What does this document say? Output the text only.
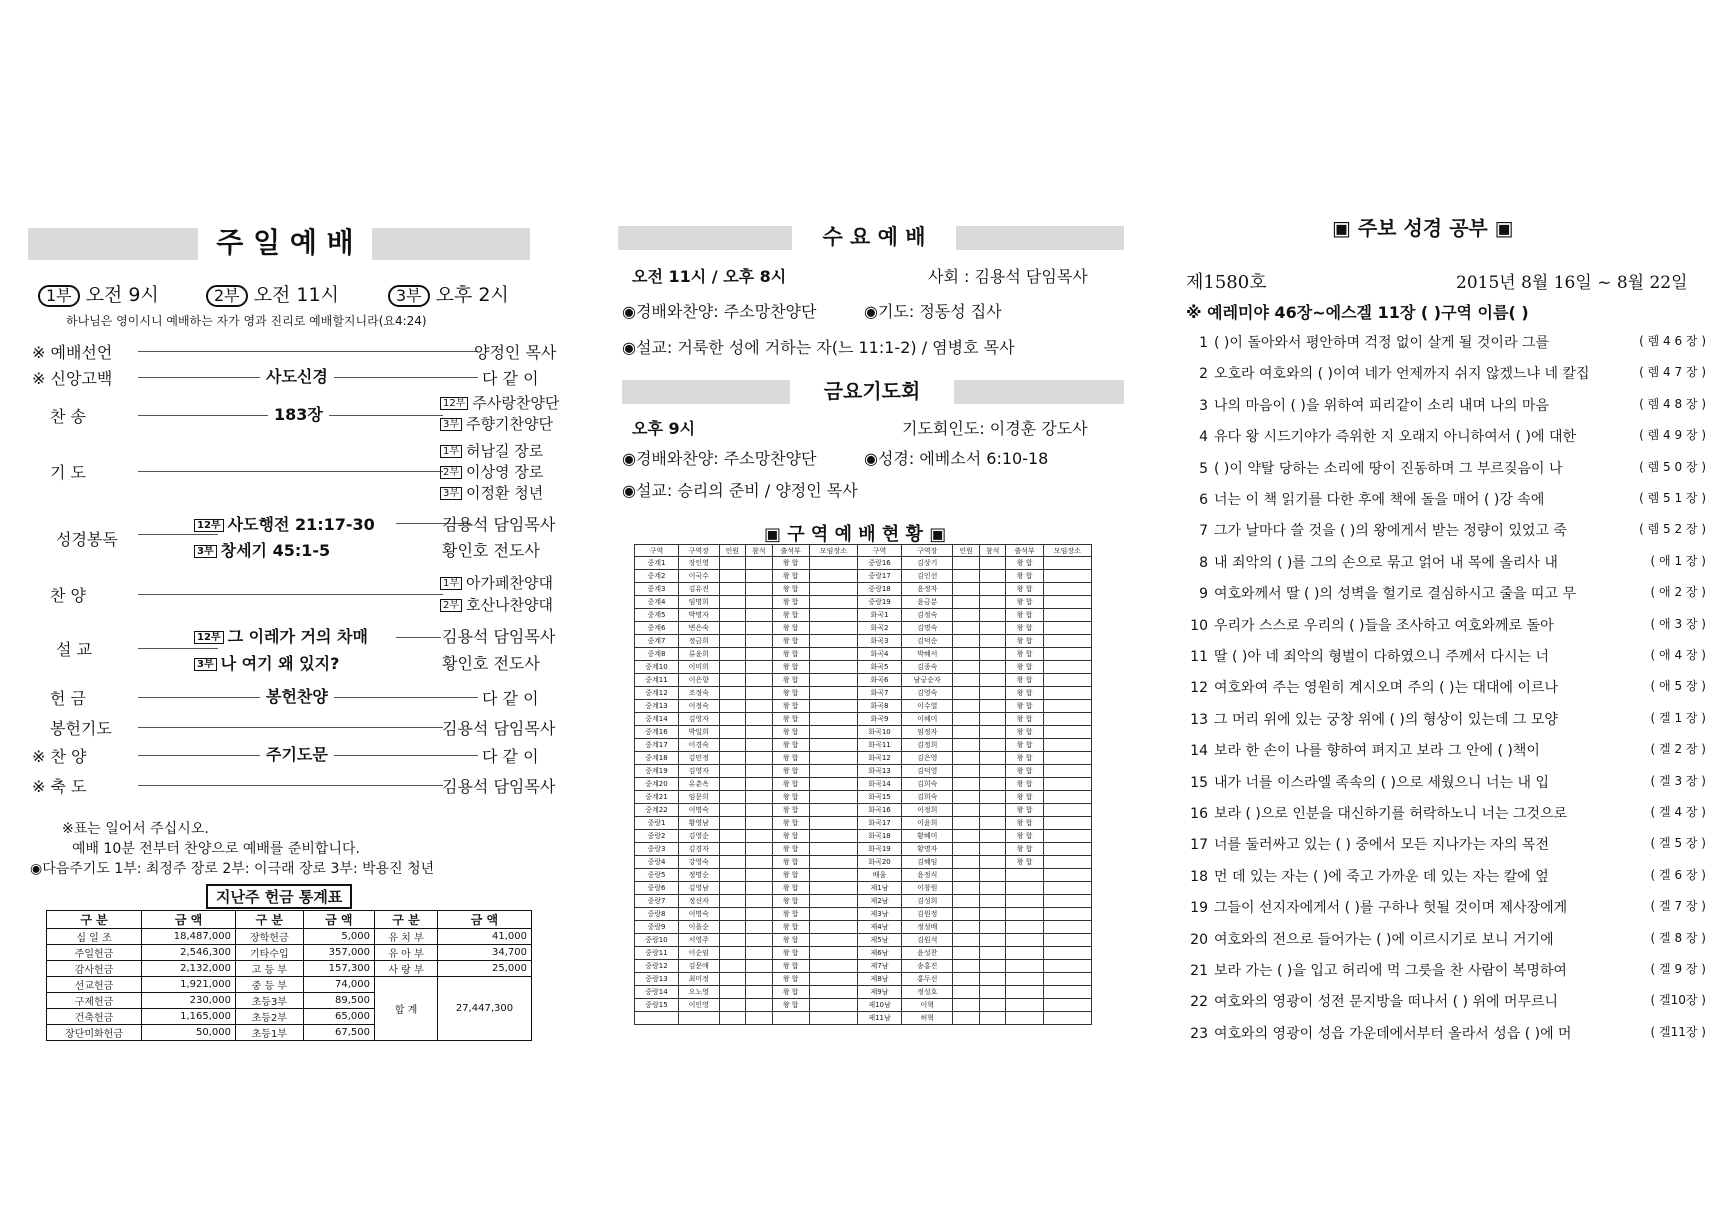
주 일 예 배
1부 오전 9시	2부 오전 11시	3부 오후 2시
하나님은 영이시니 예배하는 자가 영과 진리로 예배할지니라(요4:24)
※ 예배선언	양정인 목사
※ 신앙고백	사도신경	다 같 이
찬 송	183장
12부 주사랑찬양단
3부 주향기찬양단
기 도
1부 허남길 장로
2부 이상영 장로
3부 이정환 청년
성경봉독
12부 사도행전 21:17-30	김용석 담임목사
3부 창세기 45:1-5	황인호 전도사
찬 양
1부 아가페찬양대
2부 호산나찬양대
설 교
12부 그 이레가 거의 차매	김용석 담임목사
3부 나 여기 왜 있지?	황인호 전도사
헌 금	봉헌찬양	다 같 이
봉헌기도	김용석 담임목사
※ 찬 양	주기도문	다 같 이
※ 축 도	김용석 담임목사
※표는 일어서 주십시오.
예배 10분 전부터 찬양으로 예배를 준비합니다.
◉다음주기도 1부: 최정주 장로 2부: 이극래 장로 3부: 박용진 청년
지난주 헌금 통계표
구 분	금 액	구 분	금 액	구 분	금 액
십 일 조	18,487,000	장학헌금	5,000	유 치 부	41,000
주일헌금	2,546,300	기타수입	357,000	유 아 부	34,700
감사헌금	2,132,000	고 등 부	157,300	사 랑 부	25,000
선교헌금	1,921,000	중 등 부	74,000	합 계	27,447,300
구제헌금	230,000	초등3부	89,500		
건축헌금	1,165,000	초등2부	65,000		
장단미화헌금	50,000	초등1부	67,500		
수 요 예 배
오전 11시 / 오후 8시	사회 : 김용석 담임목사
◉경배와찬양: 주소망찬양단	◉기도: 정동성 집사
◉설교: 거룩한 성에 거하는 자(느 11:1-2) / 염병호 목사
금요기도회
오후 9시	기도회인도: 이경훈 강도사
◉경배와찬양: 주소망찬양단	◉성경: 에베소서 6:10-18
◉설교: 승리의 준비 / 양정인 목사
▣ 구 역 예 배 현 황 ▣
구역	구역장	인원	참석	출석부	모임장소	구역	구역장	인원	참석	출석부	모임장소
중계1	장인영			왕 합		중랑16	김상기			왕 합	
중계2	이국수			왕 합		중랑17	김인선			왕 합	
중계3	김유진			왕 합		중랑18	윤정자			왕 합	
중계4	임명희			왕 합		중랑19	윤금분			왕 합	
중계5	박명자			왕 합		화곡1	김정숙			왕 합	
중계6	변은숙			왕 합		화곡2	김명숙			왕 합	
중계7	정금희			왕 합		화곡3	김덕순			왕 합	
중계8	류윤희			왕 합		화곡4	박혜서			왕 합	
중계10	이미희			왕 합		화곡5	김종숙			왕 합	
중계11	이은향			왕 합		화곡6	남궁순자			왕 합	
중계12	조정숙			왕 합		화곡7	김영숙			왕 합	
중계13	이정숙			왕 합		화곡8	이수열			왕 합	
중계14	김영자			왕 합		화곡9	이혜미			왕 합	
중계16	박일희			왕 합		화곡10	임정자			왕 합	
중계17	이경숙			왕 합		화곡11	김정희			왕 합	
중계18	김민정			왕 합		화곡12	김은영			왕 합	
중계19	김영자			왕 합		화곡13	김덕영			왕 합	
중계20	유춘옥			왕 합		화곡14	김희숙			왕 합	
중계21	임문희			왕 합		화곡15	김희숙			왕 합	
중계22	이명숙			왕 합		화곡16	이정희			왕 합	
중랑1	황영남			왕 합		화곡17	이윤희			왕 합	
중랑2	김영순			왕 합		화곡18	황혜미			왕 합	
중랑3	김경자			왕 합		화곡19	황명자			왕 합	
중랑4	강영숙			왕 합		화곡20	김혜임			왕 합	
중랑5	정명순			왕 합		배울	윤정식				
중랑6	김영남			왕 합		제1남	이창원				
중랑7	정선자			왕 합		제2남	김성희				
중랑8	이명숙			왕 합		제3남	김원정				
중랑9	이을순			왕 합		제4남	정성배				
중랑10	서영주			왕 합		제5남	김원석				
중랑11	이순임			왕 합		제6남	윤성찬				
중랑12	김문애			왕 합		제7남	송홍진				
중랑13	최미정			왕 합		제8남	홍두선				
중랑14	오노영			왕 합		제9남	정성호				
중랑15	이인영			왕 합		제10남	이혁				
						제11남	허혁				
▣ 주보 성경 공부 ▣
제1580호	2015년 8월 16일 ~ 8월 22일
※ 예레미야 46장~에스겔 11장 ( )구역 이름( )
1 ( )이 돌아와서 평안하며 걱정 없이 살게 될 것이라 그를	( 렘 4 6 장 )
2 오호라 여호와의 ( )이여 네가 언제까지 쉬지 않겠느냐 네 칼집	( 렘 4 7 장 )
3 나의 마음이 ( )을 위하여 피리같이 소리 내며 나의 마음	( 렘 4 8 장 )
4 유다 왕 시드기야가 즉위한 지 오래지 아니하여서 ( )에 대한	( 렘 4 9 장 )
5 ( )이 약탈 당하는 소리에 땅이 진동하며 그 부르짖음이 나	( 렘 5 0 장 )
6 너는 이 책 읽기를 다한 후에 책에 돌을 매어 ( )강 속에	( 렘 5 1 장 )
7 그가 날마다 쓸 것을 ( )의 왕에게서 받는 정량이 있었고 죽	( 렘 5 2 장 )
8 내 죄악의 ( )를 그의 손으로 묶고 얽어 내 목에 올리사 내	( 애 1 장 )
9 여호와께서 딸 ( )의 성벽을 헐기로 결심하시고 줄을 띠고 무	( 애 2 장 )
10 우리가 스스로 우리의 ( )들을 조사하고 여호와께로 돌아	( 애 3 장 )
11 딸 ( )아 네 죄악의 형벌이 다하였으니 주께서 다시는 너	( 애 4 장 )
12 여호와여 주는 영원히 계시오며 주의 ( )는 대대에 이르나	( 애 5 장 )
13 그 머리 위에 있는 궁창 위에 ( )의 형상이 있는데 그 모양	( 겔 1 장 )
14 보라 한 손이 나를 향하여 펴지고 보라 그 안에 ( )책이	( 겔 2 장 )
15 내가 너를 이스라엘 족속의 ( )으로 세웠으니 너는 내 입	( 겔 3 장 )
16 보라 ( )으로 인분을 대신하기를 허락하노니 너는 그것으로	( 겔 4 장 )
17 너를 둘러싸고 있는 ( ) 중에서 모든 지나가는 자의 목전	( 겔 5 장 )
18 먼 데 있는 자는 ( )에 죽고 가까운 데 있는 자는 칼에 엎	( 겔 6 장 )
19 그들이 선지자에게서 ( )를 구하나 헛될 것이며 제사장에게	( 겔 7 장 )
20 여호와의 전으로 들어가는 ( )에 이르시기로 보니 거기에	( 겔 8 장 )
21 보라 가는 ( )을 입고 허리에 먹 그릇을 찬 사람이 복명하여	( 겔 9 장 )
22 여호와의 영광이 성전 문지방을 떠나서 ( ) 위에 머무르니	( 겔10장 )
23 여호와의 영광이 성읍 가운데에서부터 올라서 성읍 ( )에 머	( 겔11장 )
